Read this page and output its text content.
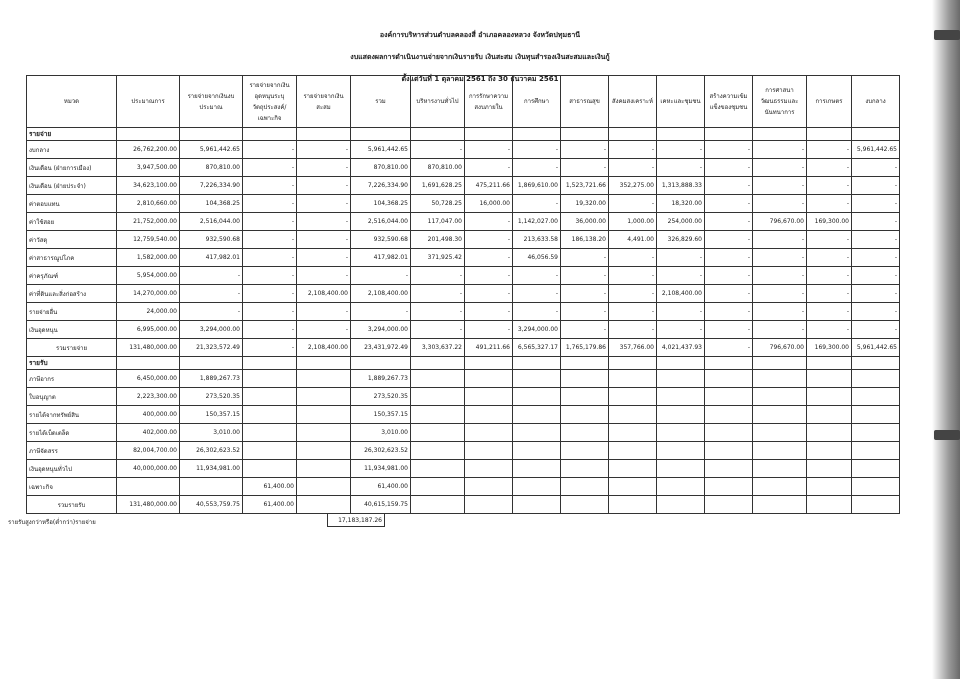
องค์การบริหารส่วนตำบลคลองสี่ อำเภอคลองหลวง จังหวัดปทุมธานี
งบแสดงผลการดำเนินงานจ่ายจากเงินรายรับ เงินสะสม เงินทุนสำรองเงินสะสมและเงินกู้
ตั้งแต่วันที่ 1 ตุลาคม 2561 ถึง 30 ธันวาคม 2561
หมวด	ประมาณการ	รายจ่ายจากเงินงบประมาณ	รายจ่ายจากเงินอุดหนุนระบุวัตถุประสงค์/เฉพาะกิจ	รายจ่ายจากเงินสะสม	รวม	บริหารงานทั่วไป	การรักษาความสงบภายใน	การศึกษา	สาธารณสุข	สังคมสงเคราะห์	เคหะและชุมชน	สร้างความเข้มแข็งของชุมชน	การศาสนาวัฒนธรรมและนันทนาการ	การเกษตร	งบกลาง
รายจ่าย															
งบกลาง	26,762,200.00	5,961,442.65	-	-	5,961,442.65	-	-	-	-	-	-	-	-	-	5,961,442.65
เงินเดือน (ฝ่ายการเมือง)	3,947,500.00	870,810.00	-	-	870,810.00	870,810.00	-	-	-	-	-	-	-	-	-
เงินเดือน (ฝ่ายประจำ)	34,623,100.00	7,226,334.90	-	-	7,226,334.90	1,691,628.25	475,211.66	1,869,610.00	1,523,721.66	352,275.00	1,313,888.33	-	-	-	-
ค่าตอบแทน	2,810,660.00	104,368.25	-	-	104,368.25	50,728.25	16,000.00	-	19,320.00	-	18,320.00	-	-	-	-
ค่าใช้สอย	21,752,000.00	2,516,044.00	-	-	2,516,044.00	117,047.00	-	1,142,027.00	36,000.00	1,000.00	254,000.00	-	796,670.00	169,300.00	-
ค่าวัสดุ	12,759,540.00	932,590.68	-	-	932,590.68	201,498.30	-	213,633.58	186,138.20	4,491.00	326,829.60	-	-	-	-
ค่าสาธารณูปโภค	1,582,000.00	417,982.01	-	-	417,982.01	371,925.42	-	46,056.59	-	-	-	-	-	-	-
ค่าครุภัณฑ์	5,954,000.00	-	-	-	-	-	-	-	-	-	-	-	-	-	-
ค่าที่ดินและสิ่งก่อสร้าง	14,270,000.00	-	-	2,108,400.00	2,108,400.00	-	-	-	-	-	2,108,400.00	-	-	-	-
รายจ่ายอื่น	24,000.00	-	-	-	-	-	-	-	-	-	-	-	-	-	-
เงินอุดหนุน	6,995,000.00	3,294,000.00	-	-	3,294,000.00	-	-	3,294,000.00	-	-	-	-	-	-	-
รวมรายจ่าย	131,480,000.00	21,323,572.49	-	2,108,400.00	23,431,972.49	3,303,637.22	491,211.66	6,565,327.17	1,765,179.86	357,766.00	4,021,437.93	-	796,670.00	169,300.00	5,961,442.65
รายรับ															
ภาษีอากร	6,450,000.00	1,889,267.73			1,889,267.73										
ใบอนุญาต	2,223,300.00	273,520.35			273,520.35										
รายได้จากทรัพย์สิน	400,000.00	150,357.15			150,357.15										
รายได้เบ็ดเตล็ด	402,000.00	3,010.00			3,010.00										
ภาษีจัดสรร	82,004,700.00	26,302,623.52			26,302,623.52										
เงินอุดหนุนทั่วไป	40,000,000.00	11,934,981.00			11,934,981.00										
เฉพาะกิจ			61,400.00		61,400.00										
รวมรายรับ	131,480,000.00	40,553,759.75	61,400.00		40,615,159.75										
รายรับสูงกว่าหรือ(ต่ำกว่า)รายจ่าย	17,183,187.26
